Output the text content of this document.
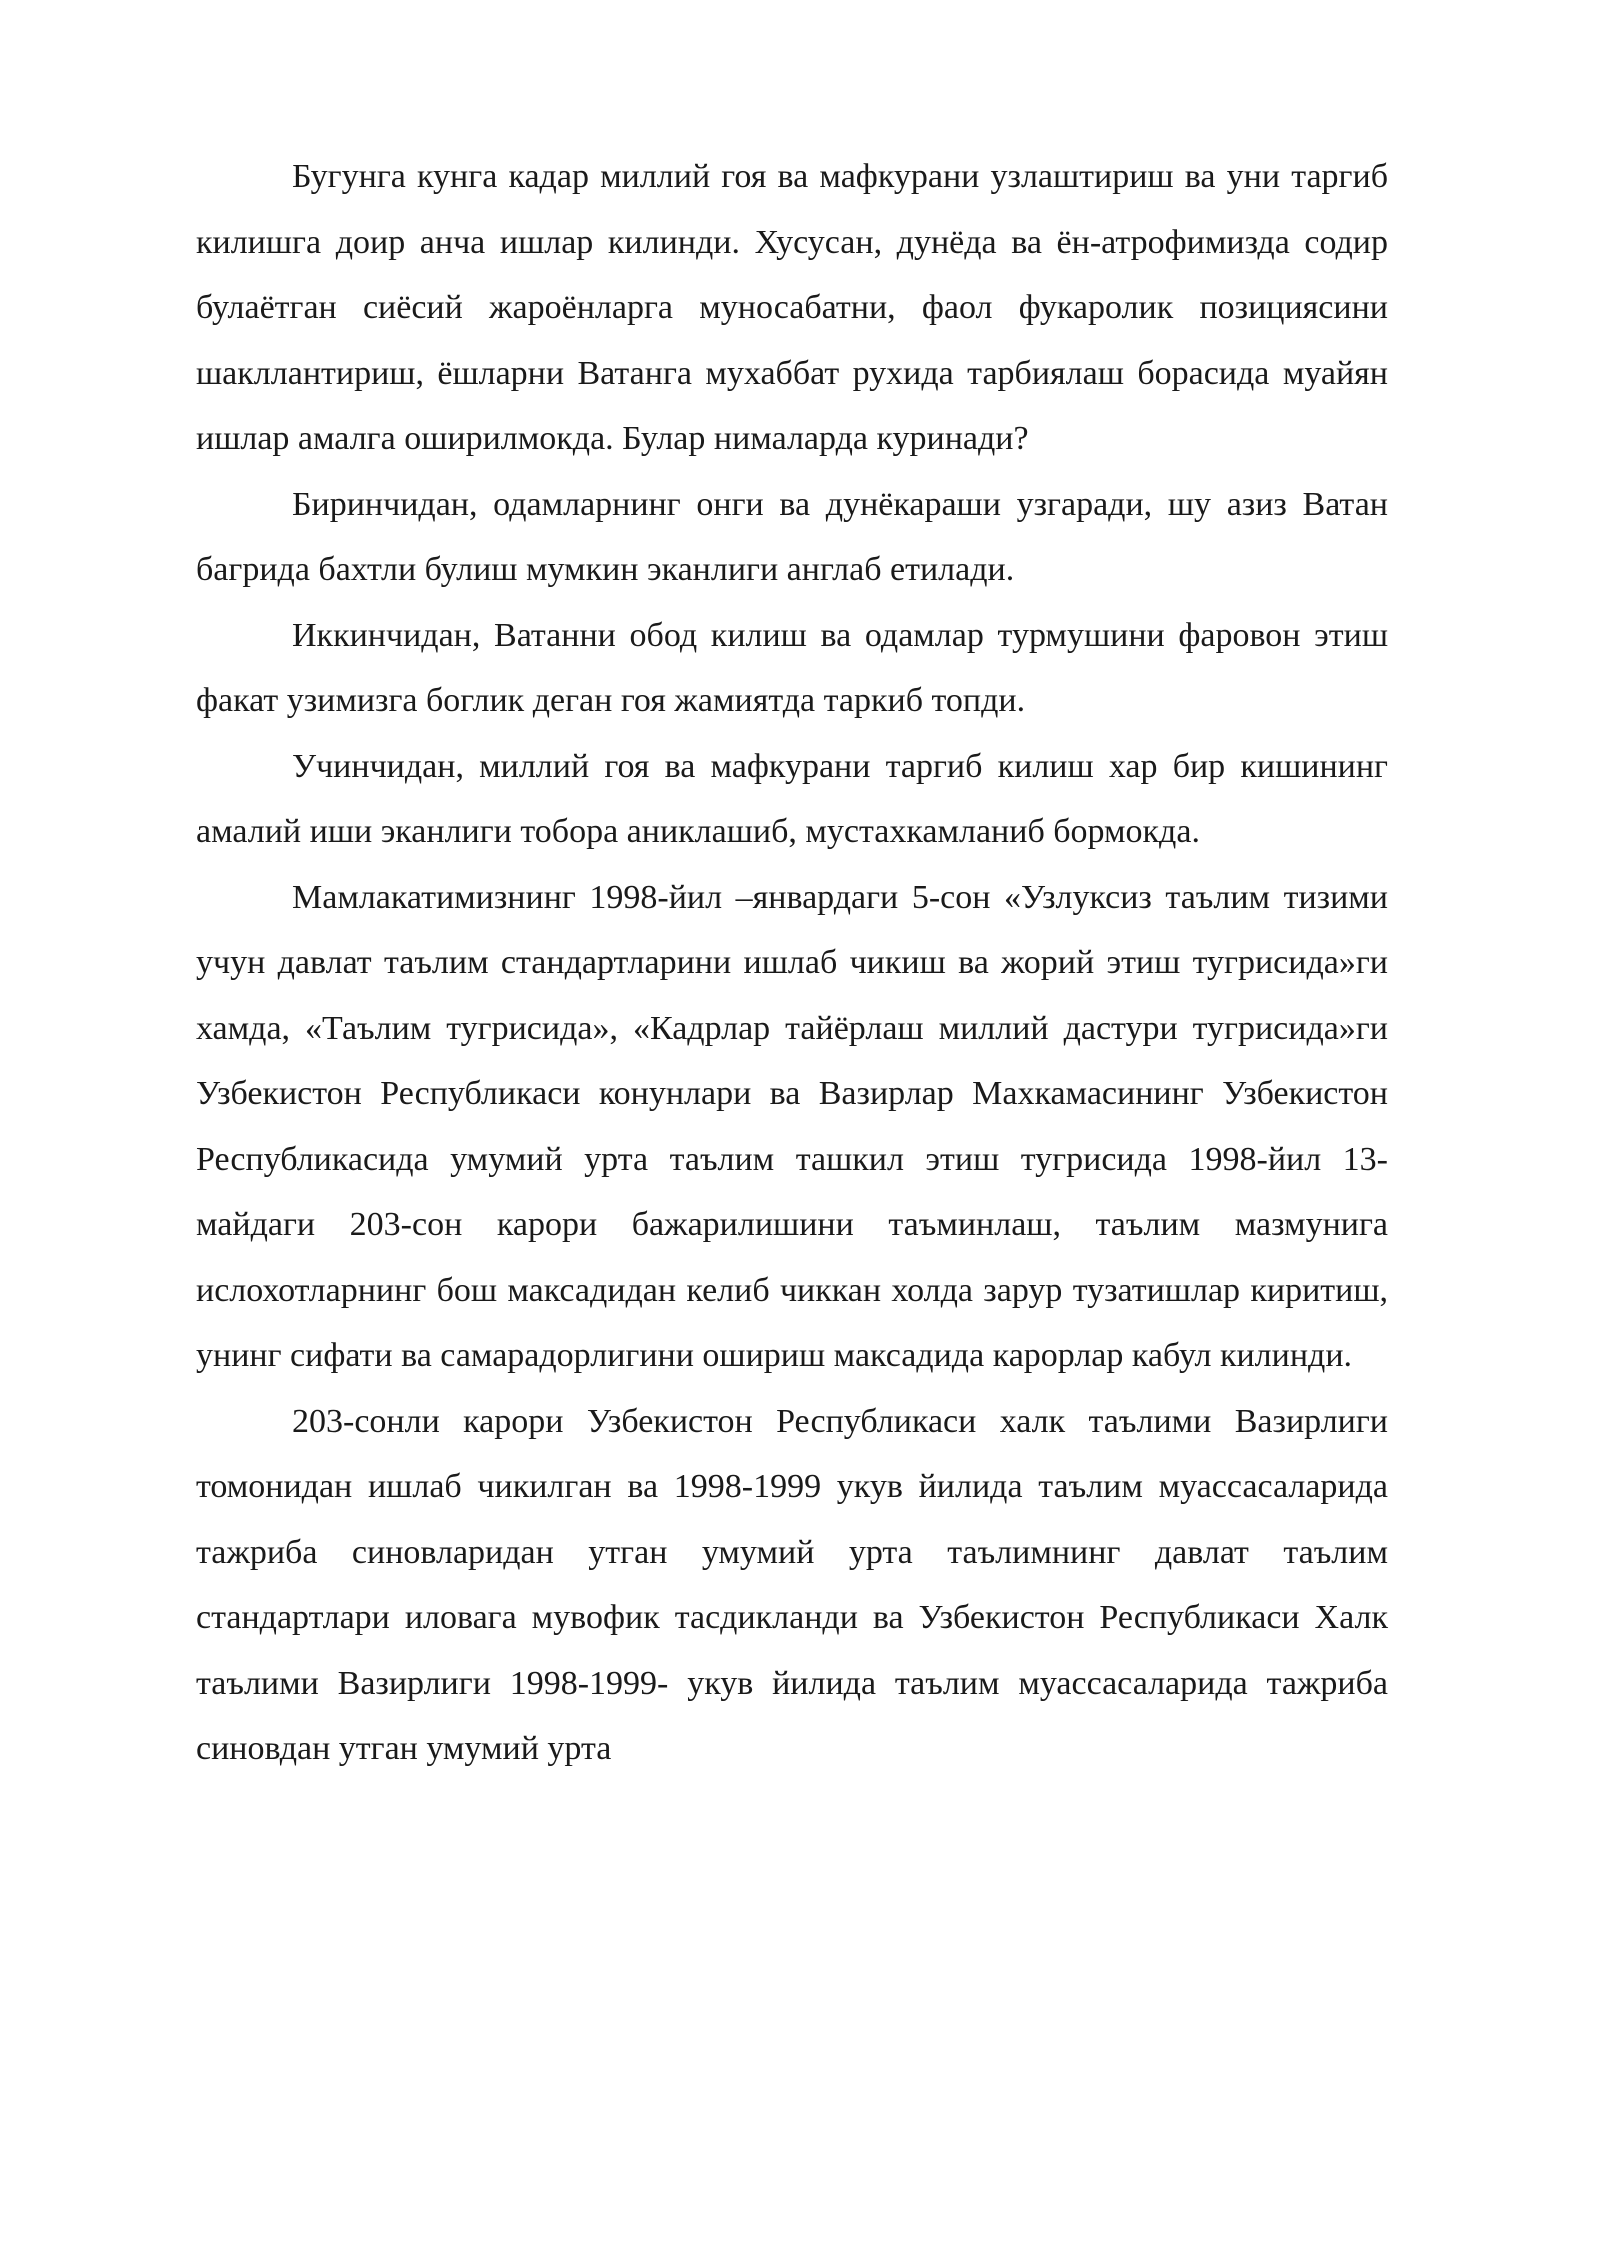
Бугунга кунга кадар миллий гоя ва мафкурани узлаштириш ва уни таргиб килишга доир анча ишлар килинди. Хусусан, дунёда ва ён-атрофимизда содир булаётган сиёсий жароёнларга муносабатни, фаол фукаролик позициясини шакллантириш, ёшларни Ватанга мухаббат рухида тарбиялаш борасида муайян ишлар амалга оширилмокда. Булар нималарда куринади?

Биринчидан, одамларнинг онги ва дунёкараши узгаради, шу азиз Ватан багрида бахтли булиш мумкин эканлиги англаб етилади.

Иккинчидан, Ватанни обод килиш ва одамлар турмушини фаровон этиш факат узимизга боглик деган гоя жамиятда таркиб топди.

Учинчидан, миллий гоя ва мафкурани таргиб килиш хар бир кишининг амалий иши эканлиги тобора аниклашиб, мустахкамланиб бормокда.

Мамлакатимизнинг 1998-йил –январдаги 5-сон «Узлуксиз таълим тизими учун давлат таълим стандартларини ишлаб чикиш ва жорий этиш тугрисида»ги хамда, «Таълим тугрисида», «Кадрлар тайёрлаш миллий дастури тугрисида»ги Узбекистон Республикаси конунлари ва Вазирлар Махкамасининг Узбекистон Республикасида умумий урта таълим ташкил этиш тугрисида 1998-йил 13-майдаги 203-сон карори бажарилишини таъминлаш, таълим мазмунига ислохотларнинг бош максадидан келиб чиккан холда зарур тузатишлар киритиш, унинг сифати ва самарадорлигини ошириш максадида карорлар кабул килинди.

203-сонли карори Узбекистон Республикаси халк таълими Вазирлиги томонидан ишлаб чикилган ва 1998-1999 укув йилида таълим муассасаларида тажриба синовларидан утган умумий урта таълимнинг давлат таълим стандартлари иловага мувофик тасдикланди ва Узбекистон Республикаси Халк таълими Вазирлиги 1998-1999- укув йилида таълим муассасаларида тажриба синовдан утган умумий урта
